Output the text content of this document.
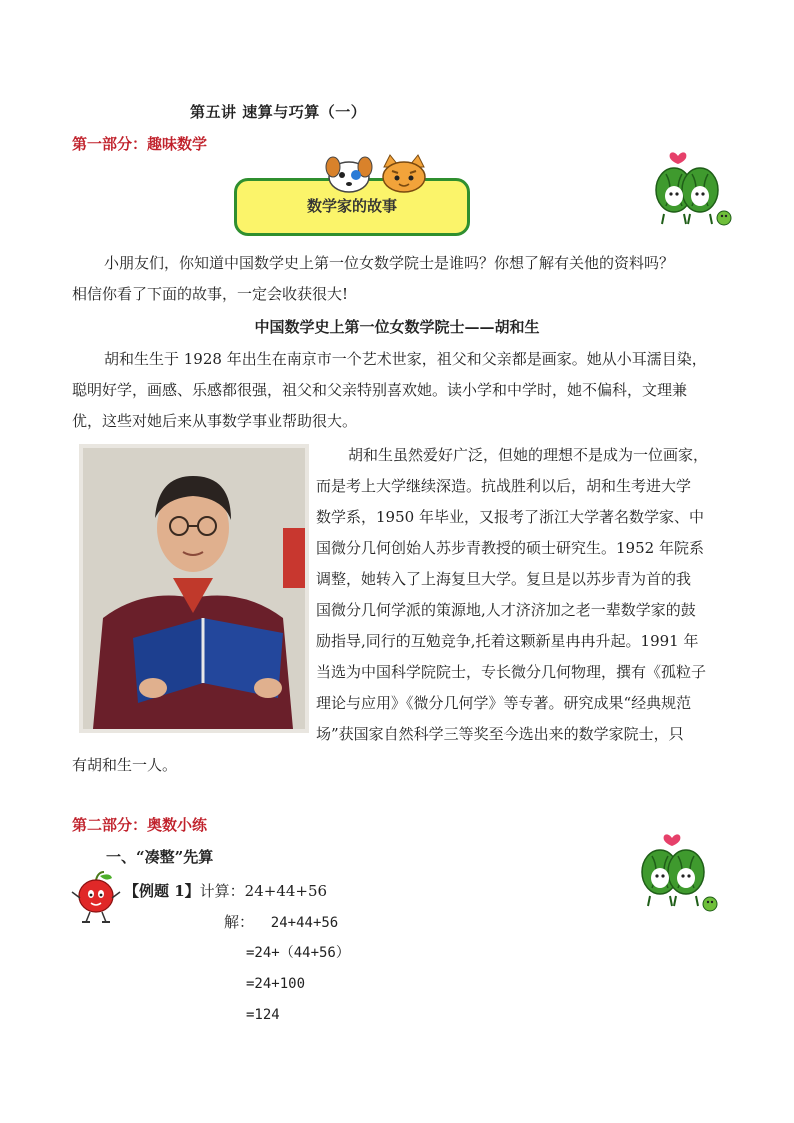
第五讲 速算与巧算（一）
第一部分：趣味数学
数学家的故事
小朋友们，你知道中国数学史上第一位女数学院士是谁吗？你想了解有关他的资料吗？
相信你看了下面的故事，一定会收获很大!
中国数学史上第一位女数学院士——胡和生
胡和生生于 1928 年出生在南京市一个艺术世家，祖父和父亲都是画家。她从小耳濡目染，
聪明好学，画感、乐感都很强，祖父和父亲特别喜欢她。读小学和中学时，她不偏科，文理兼
优，这些对她后来从事数学事业帮助很大。
胡和生虽然爱好广泛，但她的理想不是成为一位画家，
而是考上大学继续深造。抗战胜利以后，胡和生考进大学
数学系，1950 年毕业，又报考了浙江大学著名数学家、中
国微分几何创始人苏步青教授的硕士研究生。1952 年院系
调整，她转入了上海复旦大学。复旦是以苏步青为首的我
国微分几何学派的策源地,人才济济加之老一辈数学家的鼓
励指导,同行的互勉竞争,托着这颗新星冉冉升起。1991 年
当选为中国科学院院士，专长微分几何物理，撰有《孤粒子
理论与应用》《微分几何学》等专著。研究成果“经典规范
场”获国家自然科学三等奖至今选出来的数学家院士，只
有胡和生一人。
第二部分：奥数小练
一、“凑整”先算
【例题 1】计算：24+44+56
解： 24+44+56
=24+（44+56）
=24+100
=124
